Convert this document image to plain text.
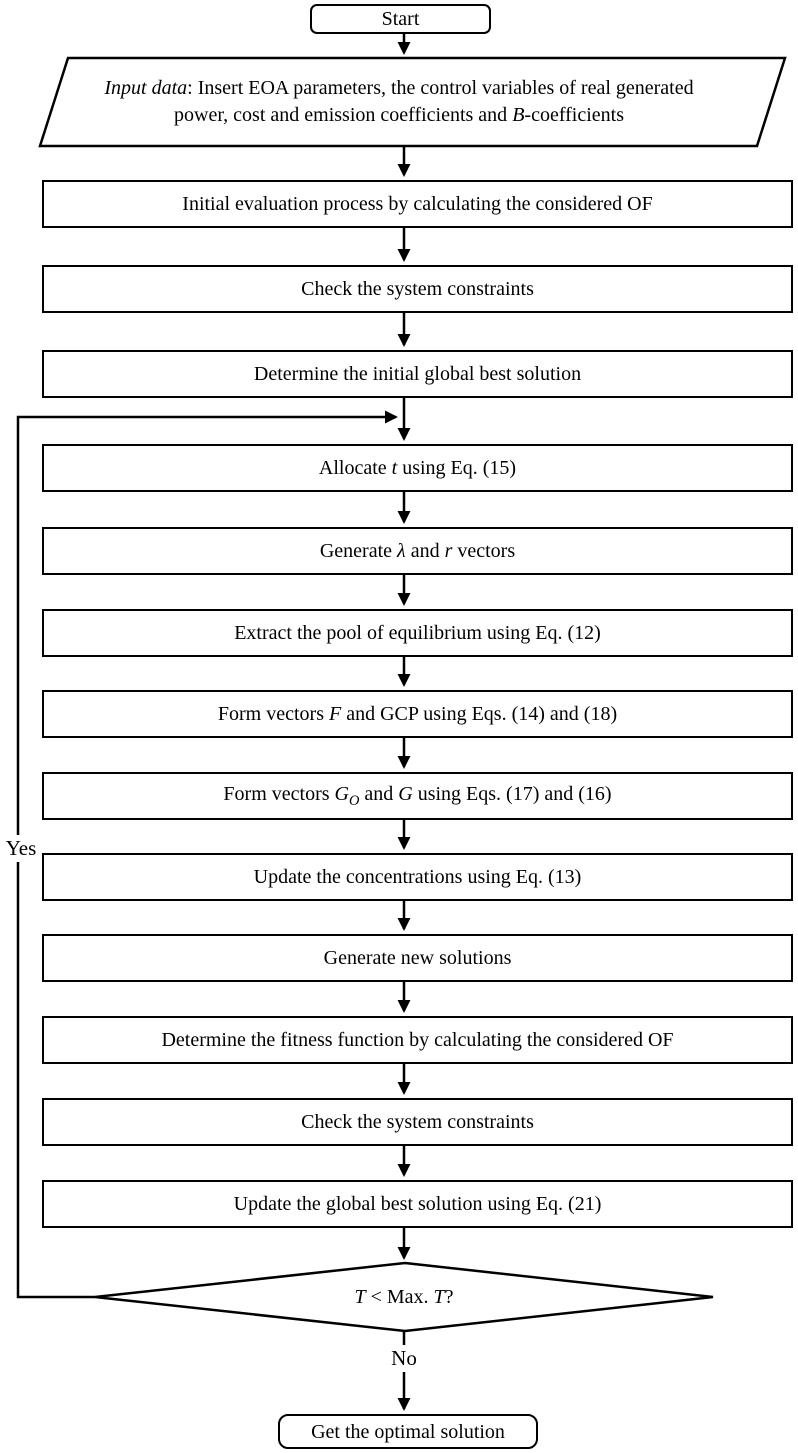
Start
Input data: Insert EOA parameters, the control variables of real generated power, cost and emission coefficients and B-coefficients
Initial evaluation process by calculating the considered OF
Check the system constraints
Determine the initial global best solution
Allocate t using Eq. (15)
Generate λ and r vectors
Extract the pool of equilibrium using Eq. (12)
Form vectors F and GCP using Eqs. (14) and (18)
Form vectors $G_O$ and G using Eqs. (17) and (16)
Update the concentrations using Eq. (13)
Generate new solutions
Determine the fitness function by calculating the considered OF
Check the system constraints
Update the global best solution using Eq. (21)
T < Max. T?
Get the optimal solution
Yes
No
